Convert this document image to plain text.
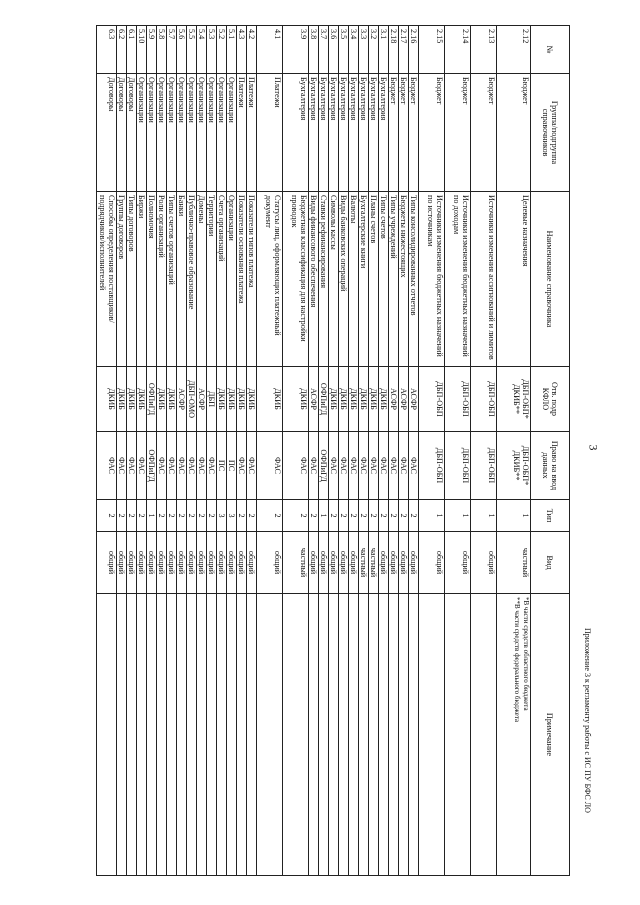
3
Приложение 3 к регламенту работы с ИС ПУ БФС ЛО
№	Группа/подгруппа справочников	Наименование справочника	Отв. подр КФЛО	Право на ввод данных	Тип	Вид	Примечание
2.12	Бюджет	Целевые назначения	ДБП-ОБП* ДКИБ**	ДБП-ОБП* ДКИБ**	1	частный	*В части средств областного бюджета
**В части средств федерального бюджета

2.13	Бюджет	Источники изменения ассигнований и лимитов	ДБП-ОБП	ДБП-ОБП	1	общий	
2.14	Бюджет	Источники изменения бюджетных назначений по доходам	ДБП-ОБП	ДБП-ОБП	1	общий	
2.15	Бюджет	Источники изменения бюджетных назначений по источникам	ДБП-ОБП	ДБП-ОБП	1	общий	
2.16	Бюджет	Типы консолидированных отчетов	АСФР	ФАС	2	общий	
2.17	Бюджет	Бюджеты нижестоящих	АСФР	ФАС	2	общий	
2.18	Бюджет	Типы учреждений	АСФР	ФАС	2	общий	
3.1	Бухгалтерия	Типы счетов	ДКИБ	ФАС	2	общий	
3.2	Бухгалтерия	Планы счетов	ДКИБ	ФАС	2	частный	
3.3	Бухгалтерия	Бухгалтерские книги	ДКИБ	ФАС	2	частный	
3.4	Бухгалтерия	Валюты	ДКИБ	ФАС	2	общий	
3.5	Бухгалтерия	Виды банковских операций	ДКИБ	ФАС	2	общий	
3.6	Бухгалтерия	Символы кассы	ДКИБ	ФАС	2	общий	
3.7	Бухгалтерия	Ставки рефинансирования	ОФПиГД	ОФПиГД	1	общий	
3.8	Бухгалтерия	Виды финансового обеспечения	АСФР	ФАС	2	общий	
3.9	Бухгалтерия	Бюджетная классификация для настройки проводок	ДКИБ	ФАС	2	частный	
4.1	Платежи	Статусы лиц, оформляющих платежный документ	ДКИБ	ФАС	2	общий	
4.2	Платежи	Показатели типов платежа	ДКИБ	ФАС	2	общий	
4.3	Платежи	Показатели основания платежа	ДКИБ	ФАС	2	общий	
5.1	Организации	Организации	ДКИБ	ПС	3	общий	
5.2	Организации	Счета организаций	ДКИБ	ПС	3	общий	
5.3	Организации	Территории	ДБП	ФАС	2	общий	
5.4	Организации	Домены	АСФР	ФАС	2	общий	
5.5	Организации	Публично-правовое образование	ДБП-ОМО	ФАС	2	общий	
5.6	Организации	Банки	АСФР	ФАС	2	общий	
5.7	Организации	Типы счетов организаций	ДКИБ	ФАС	2	общий	
5.8	Организации	Роли организаций	ДКИБ	ФАС	2	общий	
5.9	Организации	Полномочия	ОФПиГД	ОФПиГД	1	общий	
5.10	Организации	Биржи	ДКИБ	ФАС	2	общий	
6.1	Договоры	Типы договоров	ДКИБ	ФАС	2	общий	
6.2	Договоры	Группы договоров	ДКИБ	ФАС	2	общий	
6.3	Договоры	Способы определения поставщиков/подрядчиков/исполнителей	ДКИБ	ФАС	2	общий	
